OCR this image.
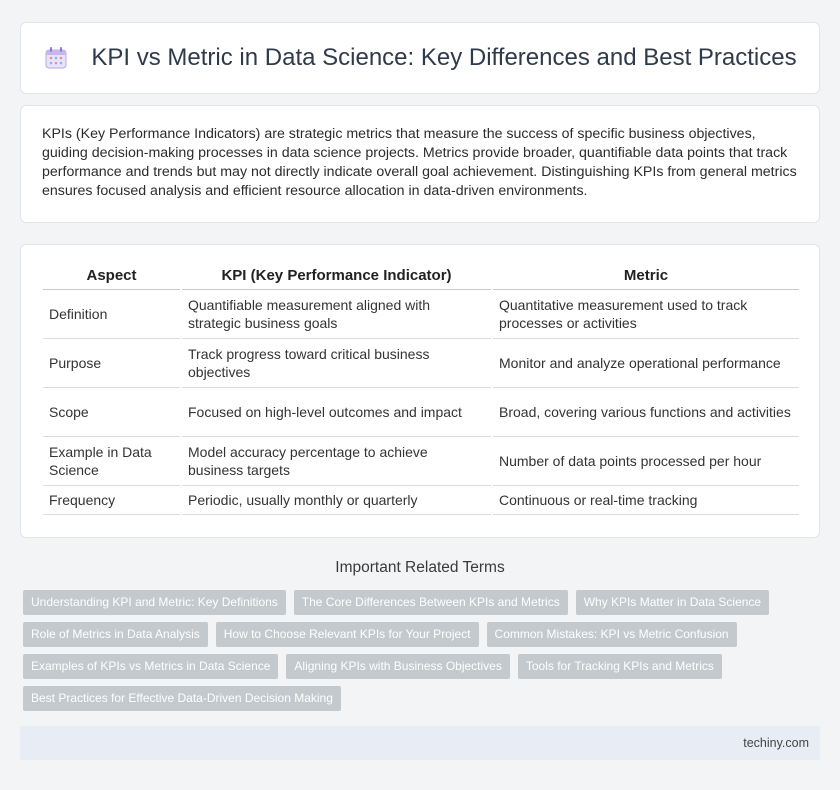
KPI vs Metric in Data Science: Key Differences and Best Practices

KPIs (Key Performance Indicators) are strategic metrics that measure the success of specific business objectives, guiding decision-making processes in data science projects. Metrics provide broader, quantifiable data points that track performance and trends but may not directly indicate overall goal achievement. Distinguishing KPIs from general metrics ensures focused analysis and efficient resource allocation in data-driven environments.

Aspect	KPI (Key Performance Indicator)	Metric
Definition	Quantifiable measurement aligned with strategic business goals	Quantitative measurement used to track processes or activities
Purpose	Track progress toward critical business objectives	Monitor and analyze operational performance
Scope	Focused on high-level outcomes and impact	Broad, covering various functions and activities
Example in Data Science	Model accuracy percentage to achieve business targets	Number of data points processed per hour
Frequency	Periodic, usually monthly or quarterly	Continuous or real-time tracking
Important Related Terms
Understanding KPI and Metric: Key Definitions	The Core Differences Between KPIs and Metrics	Why KPIs Matter in Data Science
Role of Metrics in Data Analysis	How to Choose Relevant KPIs for Your Project	Common Mistakes: KPI vs Metric Confusion
Examples of KPIs vs Metrics in Data Science	Aligning KPIs with Business Objectives	Tools for Tracking KPIs and Metrics
Best Practices for Effective Data-Driven Decision Making
techiny.com
